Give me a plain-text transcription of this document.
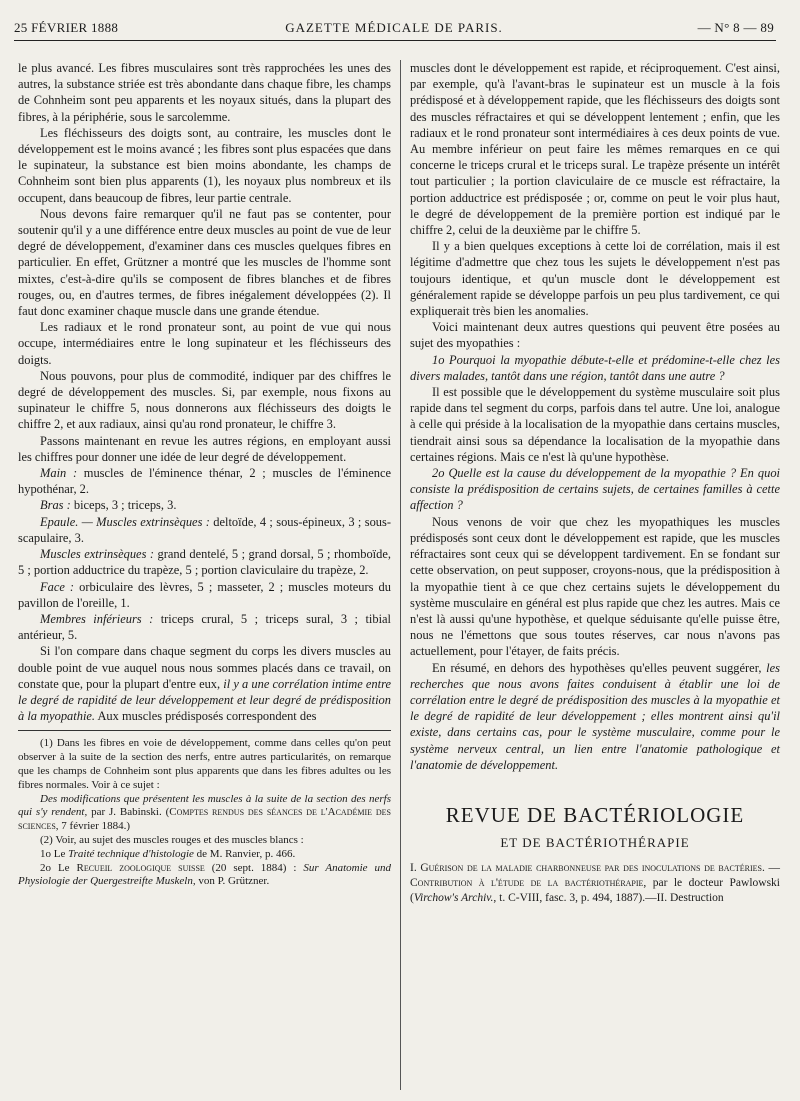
25 FÉVRIER 1888	GAZETTE MÉDICALE DE PARIS.	— N° 8 — 89

le plus avancé. Les fibres musculaires sont très rapprochées les unes des autres, la substance striée est très abondante dans chaque fibre, les champs de Cohnheim sont peu apparents et les noyaux situés, dans la plupart des fibres, à la périphérie, sous le sarcolemme.

Les fléchisseurs des doigts sont, au contraire, les muscles dont le développement est le moins avancé ; les fibres sont plus espacées que dans le supinateur, la substance est bien moins abondante, les champs de Cohnheim sont bien plus apparents (1), les noyaux plus nombreux et ils occupent, dans beaucoup de fibres, leur partie centrale.

Nous devons faire remarquer qu'il ne faut pas se contenter, pour soutenir qu'il y a une différence entre deux muscles au point de vue de leur degré de développement, d'examiner dans ces muscles quelques fibres en particulier. En effet, Grützner a montré que les muscles de l'homme sont mixtes, c'est-à-dire qu'ils se composent de fibres blanches et de fibres rouges, ou, en d'autres termes, de fibres inégalement développées (2). Il faut donc examiner chaque muscle dans une grande étendue.

Les radiaux et le rond pronateur sont, au point de vue qui nous occupe, intermédiaires entre le long supinateur et les fléchisseurs des doigts.

Nous pouvons, pour plus de commodité, indiquer par des chiffres le degré de développement des muscles. Si, par exemple, nous fixons au supinateur le chiffre 5, nous donnerons aux fléchisseurs des doigts le chiffre 2, et aux radiaux, ainsi qu'au rond pronateur, le chiffre 3.

Passons maintenant en revue les autres régions, en employant aussi les chiffres pour donner une idée de leur degré de développement.

Main : muscles de l'éminence thénar, 2 ; muscles de l'éminence hypothénar, 2.

Bras : biceps, 3 ; triceps, 3.

Epaule. — Muscles extrinsèques : deltoïde, 4 ; sous-épineux, 3 ; sous-scapulaire, 3.

Muscles extrinsèques : grand dentelé, 5 ; grand dorsal, 5 ; rhomboïde, 5 ; portion adductrice du trapèze, 5 ; portion claviculaire du trapèze, 2.

Face : orbiculaire des lèvres, 5 ; masseter, 2 ; muscles moteurs du pavillon de l'oreille, 1.

Membres inférieurs : triceps crural, 5 ; triceps sural, 3 ; tibial antérieur, 5.

Si l'on compare dans chaque segment du corps les divers muscles au double point de vue auquel nous nous sommes placés dans ce travail, on constate que, pour la plupart d'entre eux, il y a une corrélation intime entre le degré de rapidité de leur développement et leur degré de prédisposition à la myopathie. Aux muscles prédisposés correspondent des

(1) Dans les fibres en voie de développement, comme dans celles qu'on peut observer à la suite de la section des nerfs, entre autres particularités, on remarque que les champs de Cohnheim sont plus apparents que dans les fibres adultes ou les fibres normales. Voir à ce sujet :

Des modifications que présentent les muscles à la suite de la section des nerfs qui s'y rendent, par J. Babinski. (Comptes rendus des séances de l'Académie des sciences, 7 février 1884.)

(2) Voir, au sujet des muscles rouges et des muscles blancs :

1o Le Traité technique d'histologie de M. Ranvier, p. 466.

2o Le Recueil zoologique suisse (20 sept. 1884) : Sur Anatomie und Physiologie der Quergestreifte Muskeln, von P. Grützner.

muscles dont le développement est rapide, et réciproquement. C'est ainsi, par exemple, qu'à l'avant-bras le supinateur est un muscle à la fois prédisposé et à développement rapide, que les fléchisseurs des doigts sont des muscles réfractaires et qui se développent lentement ; enfin, que les radiaux et le rond pronateur sont intermédiaires à ces deux points de vue. Au membre inférieur on peut faire les mêmes remarques en ce qui concerne le triceps crural et le triceps sural. Le trapèze présente un intérêt tout particulier ; la portion claviculaire de ce muscle est réfractaire, la portion adductrice est prédisposée ; or, comme on peut le voir plus haut, le degré de développement de la première portion est indiqué par le chiffre 2, celui de la deuxième par le chiffre 5.

Il y a bien quelques exceptions à cette loi de corrélation, mais il est légitime d'admettre que chez tous les sujets le développement n'est pas toujours identique, et qu'un muscle dont le développement est généralement rapide se développe parfois un peu plus tardivement, ce qui expliquerait très bien les anomalies.

Voici maintenant deux autres questions qui peuvent être posées au sujet des myopathies :

1o Pourquoi la myopathie débute-t-elle et prédomine-t-elle chez les divers malades, tantôt dans une région, tantôt dans une autre ?

Il est possible que le développement du système musculaire soit plus rapide dans tel segment du corps, parfois dans tel autre. Une loi, analogue à celle qui préside à la localisation de la myopathie dans certains muscles, tiendrait ainsi sous sa dépendance la localisation de la myopathie dans certaines régions. Mais ce n'est là qu'une hypothèse.

2o Quelle est la cause du développement de la myopathie ? En quoi consiste la prédisposition de certains sujets, de certaines familles à cette affection ?

Nous venons de voir que chez les myopathiques les muscles prédisposés sont ceux dont le développement est rapide, que les muscles réfractaires sont ceux qui se développent tardivement. En se fondant sur cette observation, on peut supposer, croyons-nous, que la prédisposition à la myopathie tient à ce que chez certains sujets le développement du système musculaire en général est plus rapide que chez les autres. Mais ce n'est là aussi qu'une hypothèse, et quelque séduisante qu'elle puisse être, nous ne l'émettons que sous toutes réserves, car nous n'avons pas actuellement, pour l'étayer, de faits précis.

En résumé, en dehors des hypothèses qu'elles peuvent suggérer, les recherches que nous avons faites conduisent à établir une loi de corrélation entre le degré de prédisposition des muscles à la myopathie et le degré de rapidité de leur développement ; elles montrent ainsi qu'il existe, dans certains cas, pour le système musculaire, comme pour le système nerveux central, un lien entre l'anatomie pathologique et l'anatomie de développement.

REVUE DE BACTÉRIOLOGIE
ET DE BACTÉRIOTHÉRAPIE

I. Guérison de la maladie charbonneuse par des inoculations de bactéries. — Contribution à l'étude de la bactériothérapie, par le docteur Pawlowski (Virchow's Archiv., t. C-VIII, fasc. 3, p. 494, 1887).—II. Destruction
